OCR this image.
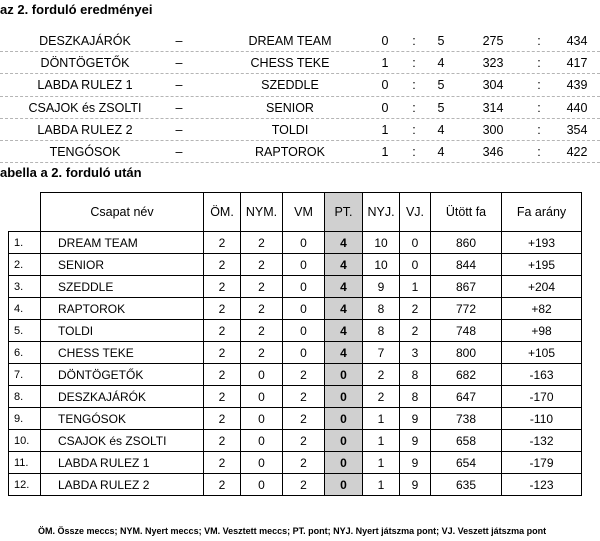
az 2. forduló eredményei
DESZKAJÁRÓK	–	DREAM TEAM	0 : 5	275	:	434
DÖNTÖGETŐK	–	CHESS TEKE	1 : 4	323	:	417
LABDA RULEZ 1	–	SZEDDLE	0 : 5	304	:	439
CSAJOK és ZSOLTI	–	SENIOR	0 : 5	314	:	440
LABDA RULEZ 2	–	TOLDI	1 : 4	300	:	354
TENGÓSOK	–	RAPTOROK	1 : 4	346	:	422
abella a 2. forduló után
	Csapat név	ÖM.	NYM.	VM	PT.	NYJ.	VJ.	Ütött fa	Fa arány
1.	DREAM TEAM	2	2	0	4	10	0	860	+193
2.	SENIOR	2	2	0	4	10	0	844	+195
3.	SZEDDLE	2	2	0	4	9	1	867	+204
4.	RAPTOROK	2	2	0	4	8	2	772	+82
5.	TOLDI	2	2	0	4	8	2	748	+98
6.	CHESS TEKE	2	2	0	4	7	3	800	+105
7.	DÖNTÖGETŐK	2	0	2	0	2	8	682	-163
8.	DESZKAJÁRÓK	2	0	2	0	2	8	647	-170
9.	TENGÓSOK	2	0	2	0	1	9	738	-110
10.	CSAJOK és ZSOLTI	2	0	2	0	1	9	658	-132
11.	LABDA RULEZ 1	2	0	2	0	1	9	654	-179
12.	LABDA RULEZ 2	2	0	2	0	1	9	635	-123
ÖM. Össze meccs; NYM. Nyert meccs; VM. Vesztett meccs; PT. pont; NYJ. Nyert játszma pont; VJ. Veszett játszma pont
